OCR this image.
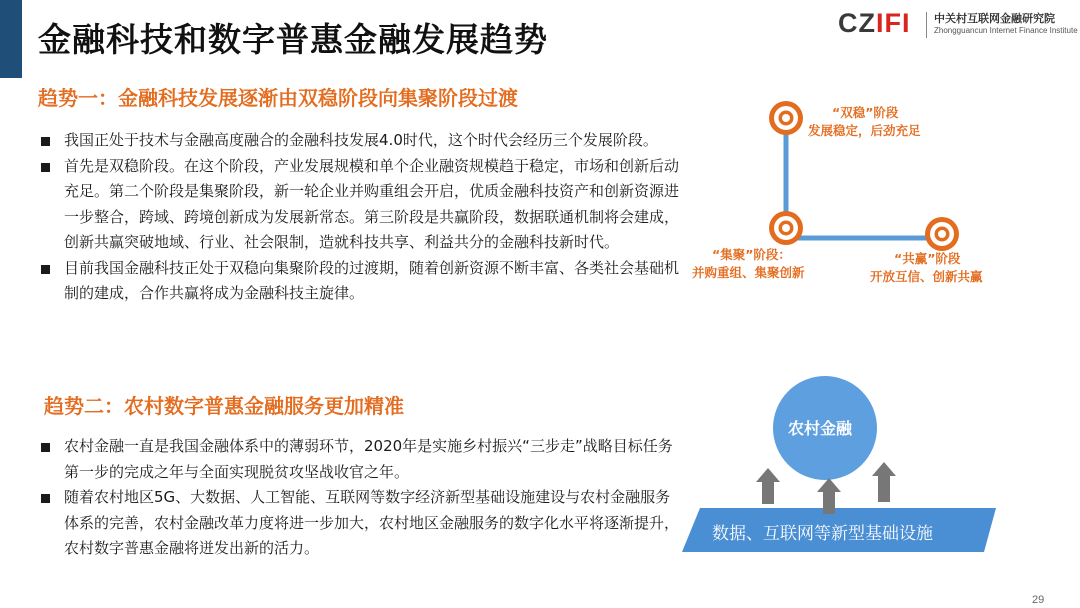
金融科技和数字普惠金融发展趋势	CZIFI 中关村互联网金融研究院
Zhongguancun Internet Finance Institute
趋势一：金融科技发展逐渐由双稳阶段向集聚阶段过渡
我国正处于技术与金融高度融合的金融科技发展4.0时代，这个时代会经历三个发展阶段。
首先是双稳阶段。在这个阶段，产业发展规模和单个企业融资规模趋于稳定，市场和创新后动充足。第二个阶段是集聚阶段，新一轮企业并购重组会开启，优质金融科技资产和创新资源进一步整合，跨域、跨境创新成为发展新常态。第三阶段是共赢阶段，数据联通机制将会建成，创新共赢突破地域、行业、社会限制，造就科技共享、利益共分的金融科技新时代。
目前我国金融科技正处于双稳向集聚阶段的过渡期，随着创新资源不断丰富、各类社会基础机制的建成，合作共赢将成为金融科技主旋律。
“双稳”阶段
发展稳定，后劲充足
“集聚”阶段：
并购重组、集聚创新
“共赢”阶段
开放互信、创新共赢
趋势二：农村数字普惠金融服务更加精准
农村金融一直是我国金融体系中的薄弱环节，2020年是实施乡村振兴“三步走”战略目标任务第一步的完成之年与全面实现脱贫攻坚战收官之年。
随着农村地区5G、大数据、人工智能、互联网等数字经济新型基础设施建设与农村金融服务体系的完善，农村金融改革力度将进一步加大，农村地区金融服务的数字化水平将逐渐提升，农村数字普惠金融将迸发出新的活力。
农村金融
数据、互联网等新型基础设施
29
